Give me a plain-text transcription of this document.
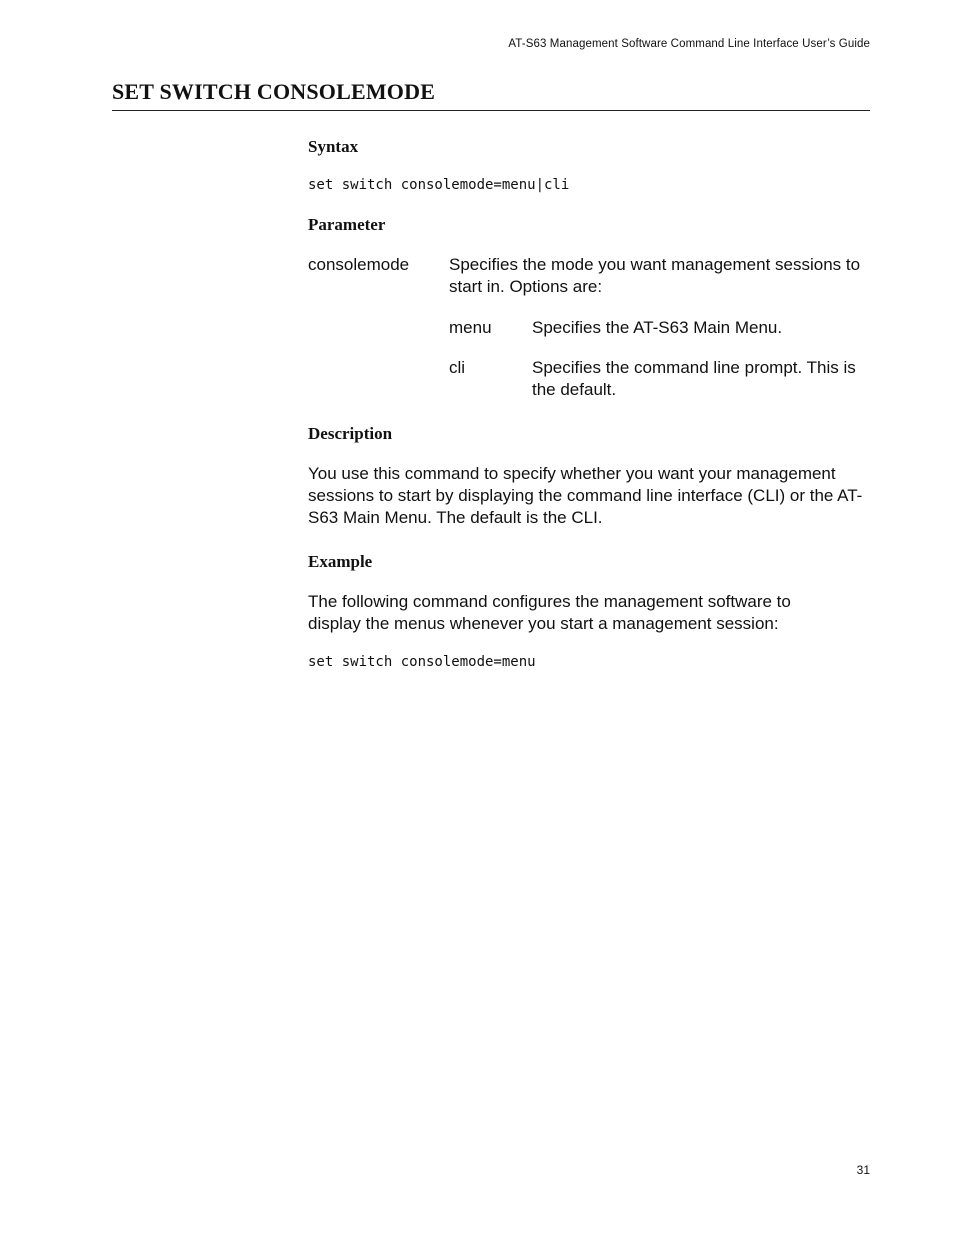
AT-S63 Management Software Command Line Interface User’s Guide
SET SWITCH CONSOLEMODE
Syntax
set switch consolemode=menu|cli
Parameter
consolemode Specifies the mode you want management sessions to start in. Options are:
menu Specifies the AT-S63 Main Menu.
cli	Specifies the command line prompt. This is the default.
Description

You use this command to specify whether you want your management sessions to start by displaying the command line interface (CLI) or the AT-S63 Main Menu. The default is the CLI.

Example

The following command configures the management software to display the menus whenever you start a management session:

set switch consolemode=menu
31
